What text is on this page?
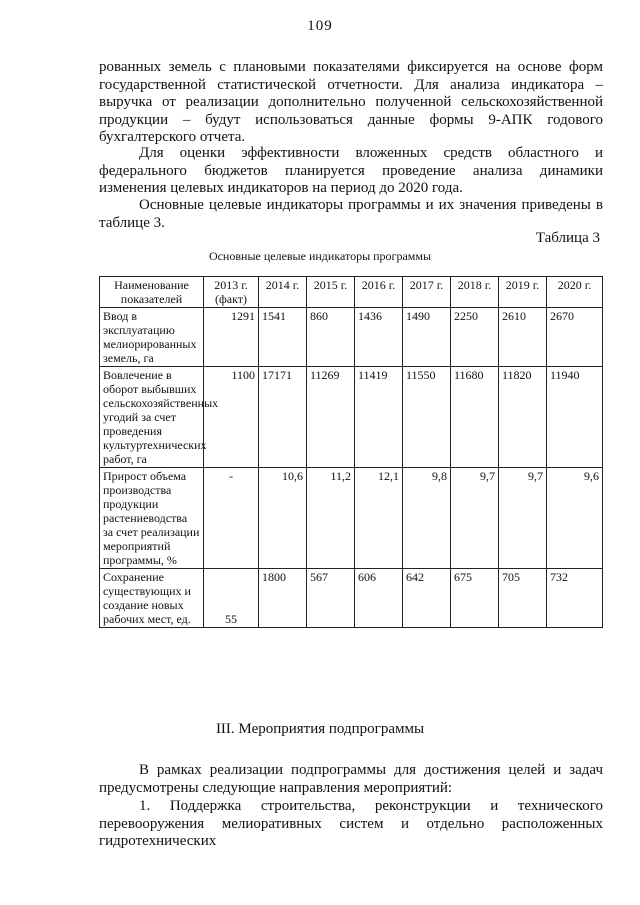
109

рованных земель с плановыми показателями фиксируется на основе форм государственной статистической отчетности. Для анализа индикатора – выручка от реализации дополнительно полученной сельскохозяйственной продукции – будут использоваться данные формы 9-АПК годового бухгалтерского отчета.

Для оценки эффективности вложенных средств областного и федерального бюджетов планируется проведение анализа динамики изменения целевых индикаторов на период до 2020 года.

Основные целевые индикаторы программы и их значения приведены в таблице 3.

Таблица 3
Основные целевые индикаторы программы
Наименование показателей	2013 г. (факт)	2014 г.	2015 г.	2016 г.	2017 г.	2018 г.	2019 г.	2020 г.
Ввод в эксплуатацию мелиорированных земель, га	1291	1541	860	1436	1490	2250	2610	2670
Вовлечение в оборот выбывших сельскохозяйственных угодий за счет проведения культуртехнических работ, га	1100	17171	11269	11419	11550	11680	11820	11940
Прирост объема производства продукции растениеводства за счет реализации мероприятий программы, %	-	10,6	11,2	12,1	9,8	9,7	9,7	9,6
Сохранение существующих и создание новых рабочих мест, ед.	55	1800	567	606	642	675	705	732
III. Мероприятия подпрограммы

В рамках реализации подпрограммы для достижения целей и задач предусмотрены следующие направления мероприятий:

1. Поддержка строительства, реконструкции и технического перевооружения мелиоративных систем и отдельно расположенных гидротехнических
